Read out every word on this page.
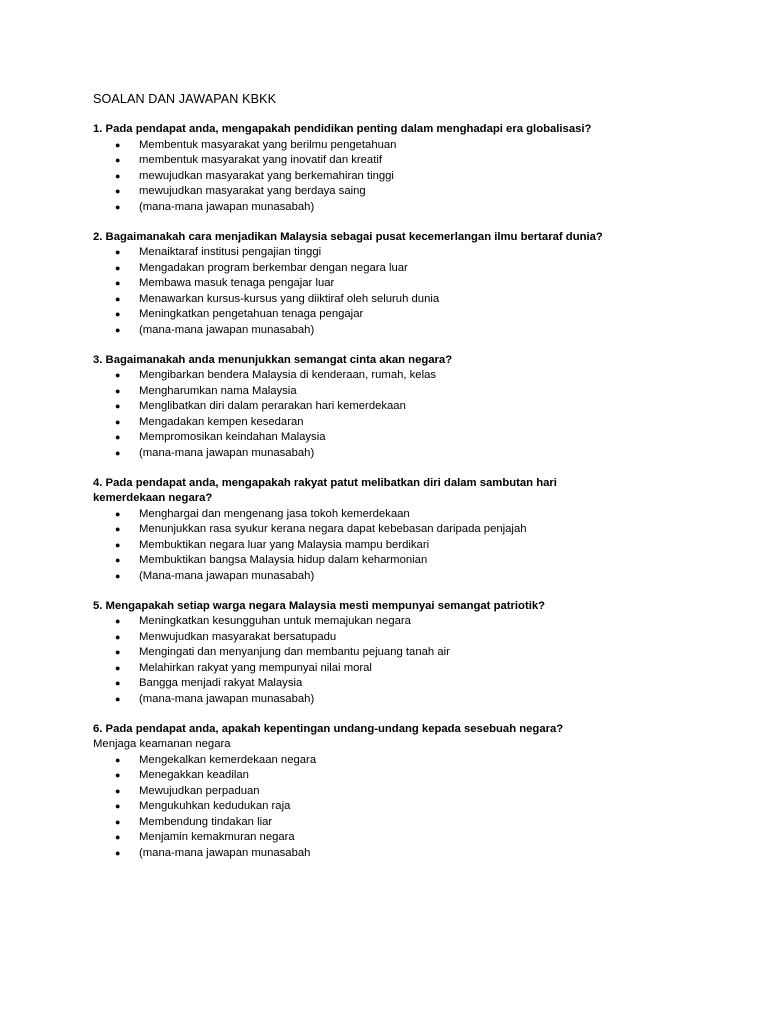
SOALAN DAN JAWAPAN KBKK

1. Pada pendapat anda, mengapakah pendidikan penting dalam menghadapi era globalisasi?

● Membentuk masyarakat yang berilmu pengetahuan
● membentuk masyarakat yang inovatif dan kreatif
● mewujudkan masyarakat yang berkemahiran tinggi
● mewujudkan masyarakat yang berdaya saing
● (mana-mana jawapan munasabah)

2. Bagaimanakah cara menjadikan Malaysia sebagai pusat kecemerlangan ilmu bertaraf dunia?

● Menaiktaraf institusi pengajian tinggi
● Mengadakan program berkembar dengan negara luar
● Membawa masuk tenaga pengajar luar
● Menawarkan kursus-kursus yang diiktiraf oleh seluruh dunia
● Meningkatkan pengetahuan tenaga pengajar
● (mana-mana jawapan munasabah)

3. Bagaimanakah anda menunjukkan semangat cinta akan negara?

● Mengibarkan bendera Malaysia di kenderaan, rumah, kelas
● Mengharumkan nama Malaysia
● Menglibatkan diri dalam perarakan hari kemerdekaan
● Mengadakan kempen kesedaran
● Mempromosikan keindahan Malaysia
● (mana-mana jawapan munasabah)

4. Pada pendapat anda, mengapakah rakyat patut melibatkan diri dalam sambutan hari

kemerdekaan negara?

● Menghargai dan mengenang jasa tokoh kemerdekaan
● Menunjukkan rasa syukur kerana negara dapat kebebasan daripada penjajah
● Membuktikan negara luar yang Malaysia mampu berdikari
● Membuktikan bangsa Malaysia hidup dalam keharmonian
● (Mana-mana jawapan munasabah)

5. Mengapakah setiap warga negara Malaysia mesti mempunyai semangat patriotik?

● Meningkatkan kesungguhan untuk memajukan negara
● Menwujudkan masyarakat bersatupadu
● Mengingati dan menyanjung dan membantu pejuang tanah air
● Melahirkan rakyat yang mempunyai nilai moral
● Bangga menjadi rakyat Malaysia
● (mana-mana jawapan munasabah)

6. Pada pendapat anda, apakah kepentingan undang-undang kepada sesebuah negara?

Menjaga keamanan negara

● Mengekalkan kemerdekaan negara
● Menegakkan keadilan
● Mewujudkan perpaduan
● Mengukuhkan kedudukan raja
● Membendung tindakan liar
● Menjamin kemakmuran negara
● (mana-mana jawapan munasabah
